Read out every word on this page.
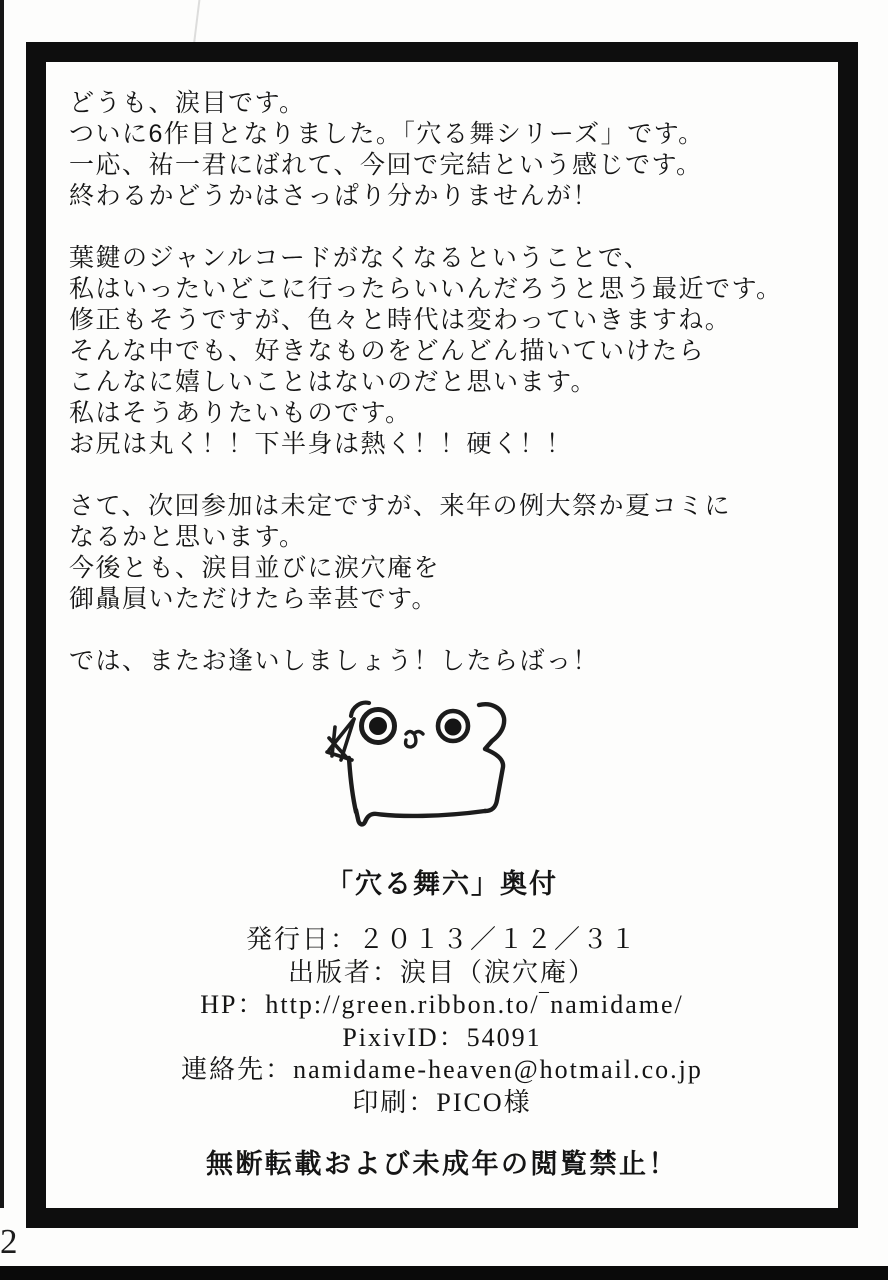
2
どうも、涙目です。
ついに6作目となりました。「穴る舞シリーズ」です。
一応、祐一君にばれて、今回で完結という感じです。
終わるかどうかはさっぱり分かりませんが！
葉鍵のジャンルコードがなくなるということで、
私はいったいどこに行ったらいいんだろうと思う最近です。
修正もそうですが、色々と時代は変わっていきますね。
そんな中でも、好きなものをどんどん描いていけたら
こんなに嬉しいことはないのだと思います。
私はそうありたいものです。
お尻は丸く！！下半身は熱く！！硬く！！
さて、次回参加は未定ですが、来年の例大祭か夏コミに
なるかと思います。
今後とも、涙目並びに涙穴庵を
御贔屓いただけたら幸甚です。
では、またお逢いしましょう！したらばっ！
「穴る舞六」奥付
発行日：２０１３／１２／３１
出版者：涙目（涙穴庵）
HP：http://green.ribbon.to/‾namidame/
PixivID：54091
連絡先：namidame-heaven@hotmail.co.jp
印刷：PICO様
無断転載および未成年の閲覧禁止！
